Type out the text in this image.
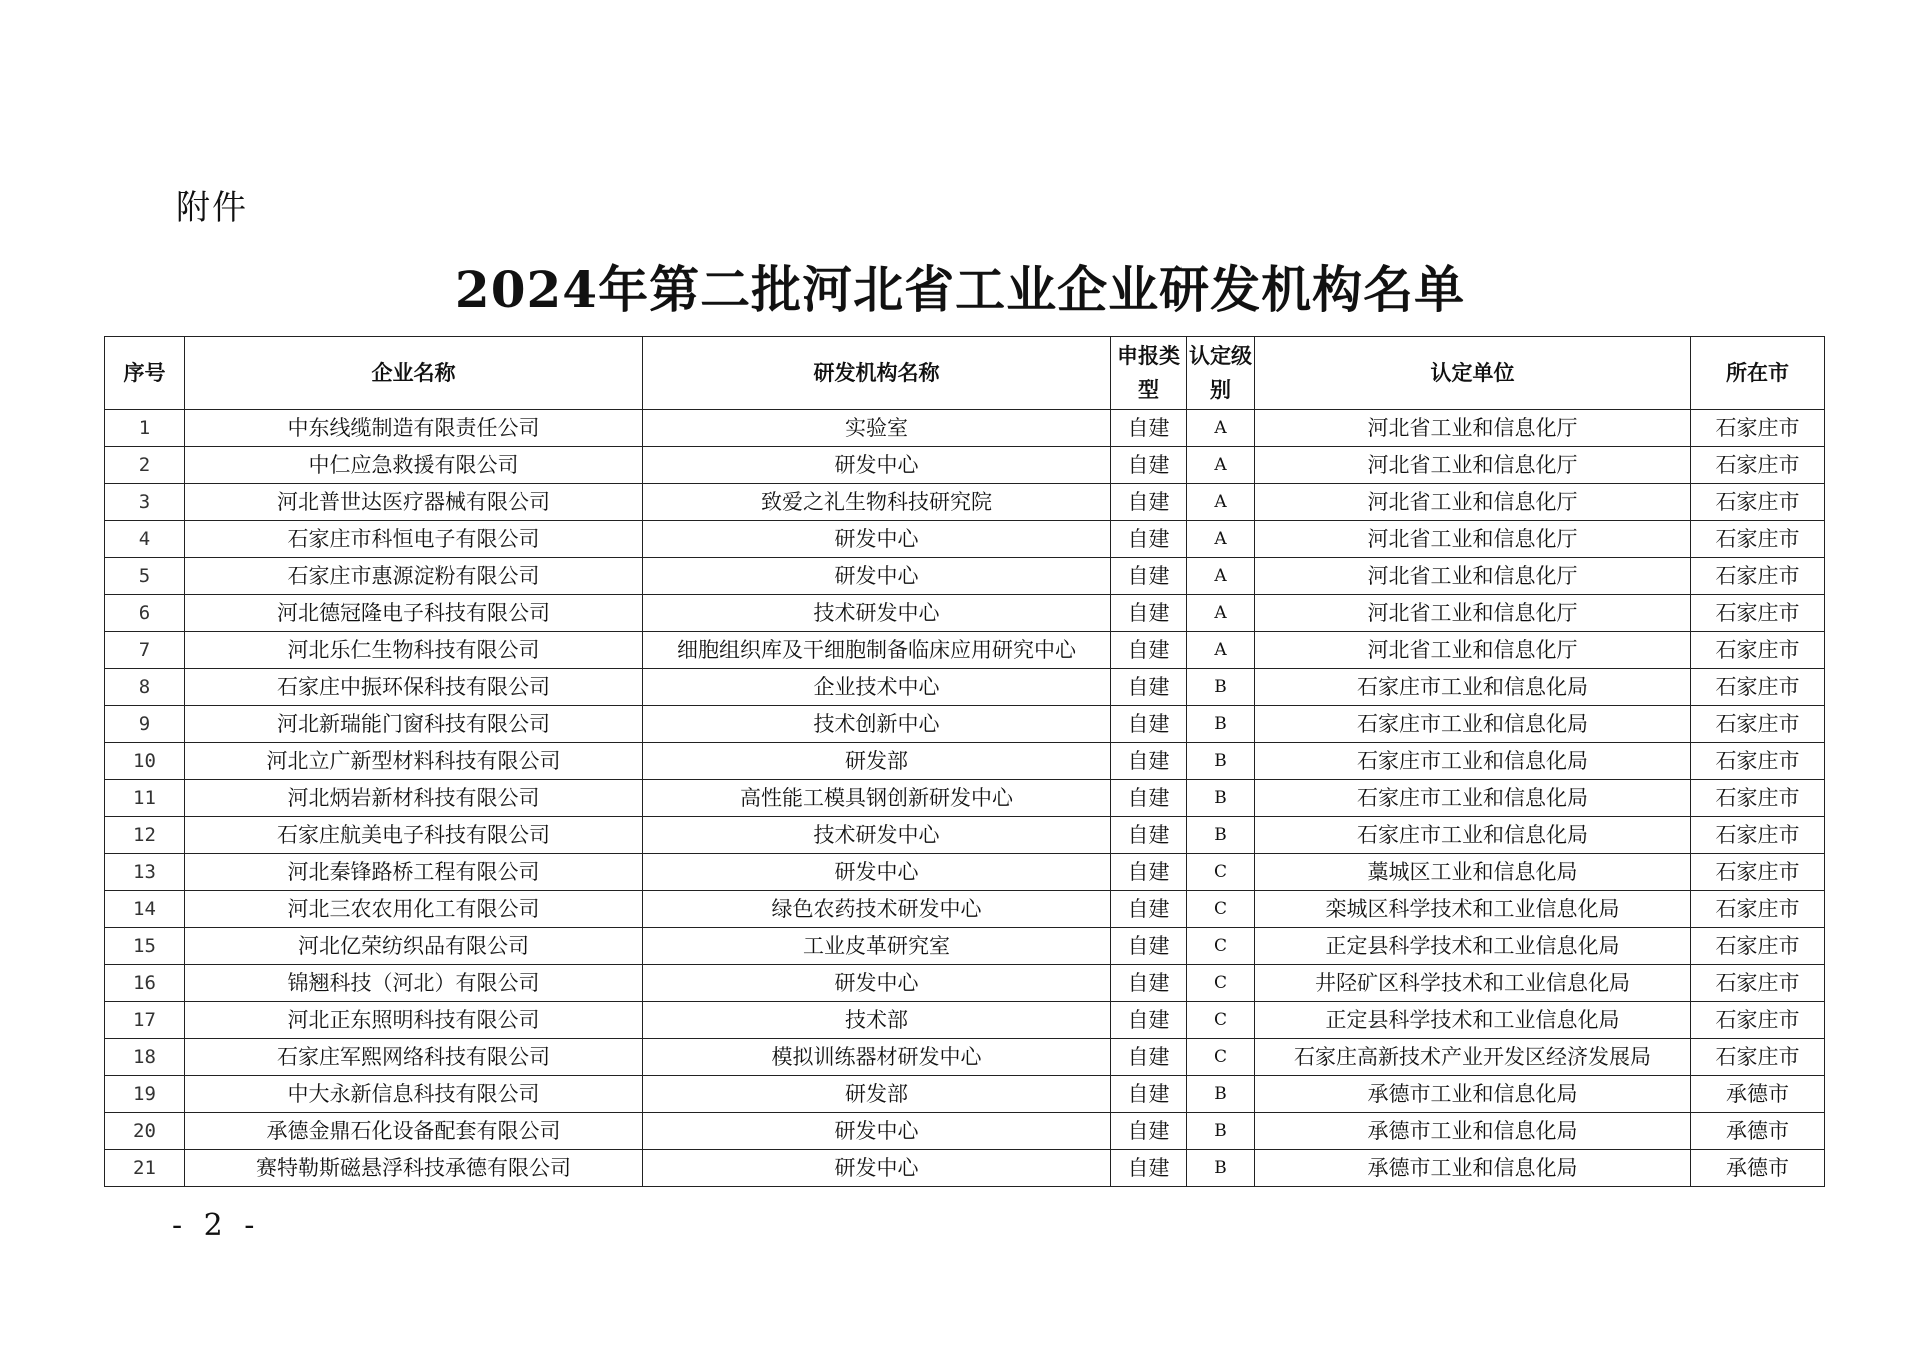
附件
2024年第二批河北省工业企业研发机构名单
序号	企业名称	研发机构名称	申报类型	认定级别	认定单位	所在市
1	中东线缆制造有限责任公司	实验室	自建	A	河北省工业和信息化厅	石家庄市
2	中仁应急救援有限公司	研发中心	自建	A	河北省工业和信息化厅	石家庄市
3	河北普世达医疗器械有限公司	致爱之礼生物科技研究院	自建	A	河北省工业和信息化厅	石家庄市
4	石家庄市科恒电子有限公司	研发中心	自建	A	河北省工业和信息化厅	石家庄市
5	石家庄市惠源淀粉有限公司	研发中心	自建	A	河北省工业和信息化厅	石家庄市
6	河北德冠隆电子科技有限公司	技术研发中心	自建	A	河北省工业和信息化厅	石家庄市
7	河北乐仁生物科技有限公司	细胞组织库及干细胞制备临床应用研究中心	自建	A	河北省工业和信息化厅	石家庄市
8	石家庄中振环保科技有限公司	企业技术中心	自建	B	石家庄市工业和信息化局	石家庄市
9	河北新瑞能门窗科技有限公司	技术创新中心	自建	B	石家庄市工业和信息化局	石家庄市
10	河北立广新型材料科技有限公司	研发部	自建	B	石家庄市工业和信息化局	石家庄市
11	河北炳岩新材科技有限公司	高性能工模具钢创新研发中心	自建	B	石家庄市工业和信息化局	石家庄市
12	石家庄航美电子科技有限公司	技术研发中心	自建	B	石家庄市工业和信息化局	石家庄市
13	河北秦锋路桥工程有限公司	研发中心	自建	C	藁城区工业和信息化局	石家庄市
14	河北三农农用化工有限公司	绿色农药技术研发中心	自建	C	栾城区科学技术和工业信息化局	石家庄市
15	河北亿荣纺织品有限公司	工业皮革研究室	自建	C	正定县科学技术和工业信息化局	石家庄市
16	锦翘科技（河北）有限公司	研发中心	自建	C	井陉矿区科学技术和工业信息化局	石家庄市
17	河北正东照明科技有限公司	技术部	自建	C	正定县科学技术和工业信息化局	石家庄市
18	石家庄军熙网络科技有限公司	模拟训练器材研发中心	自建	C	石家庄高新技术产业开发区经济发展局	石家庄市
19	中大永新信息科技有限公司	研发部	自建	B	承德市工业和信息化局	承德市
20	承德金鼎石化设备配套有限公司	研发中心	自建	B	承德市工业和信息化局	承德市
21	赛特勒斯磁悬浮科技承德有限公司	研发中心	自建	B	承德市工业和信息化局	承德市
- 2 -
